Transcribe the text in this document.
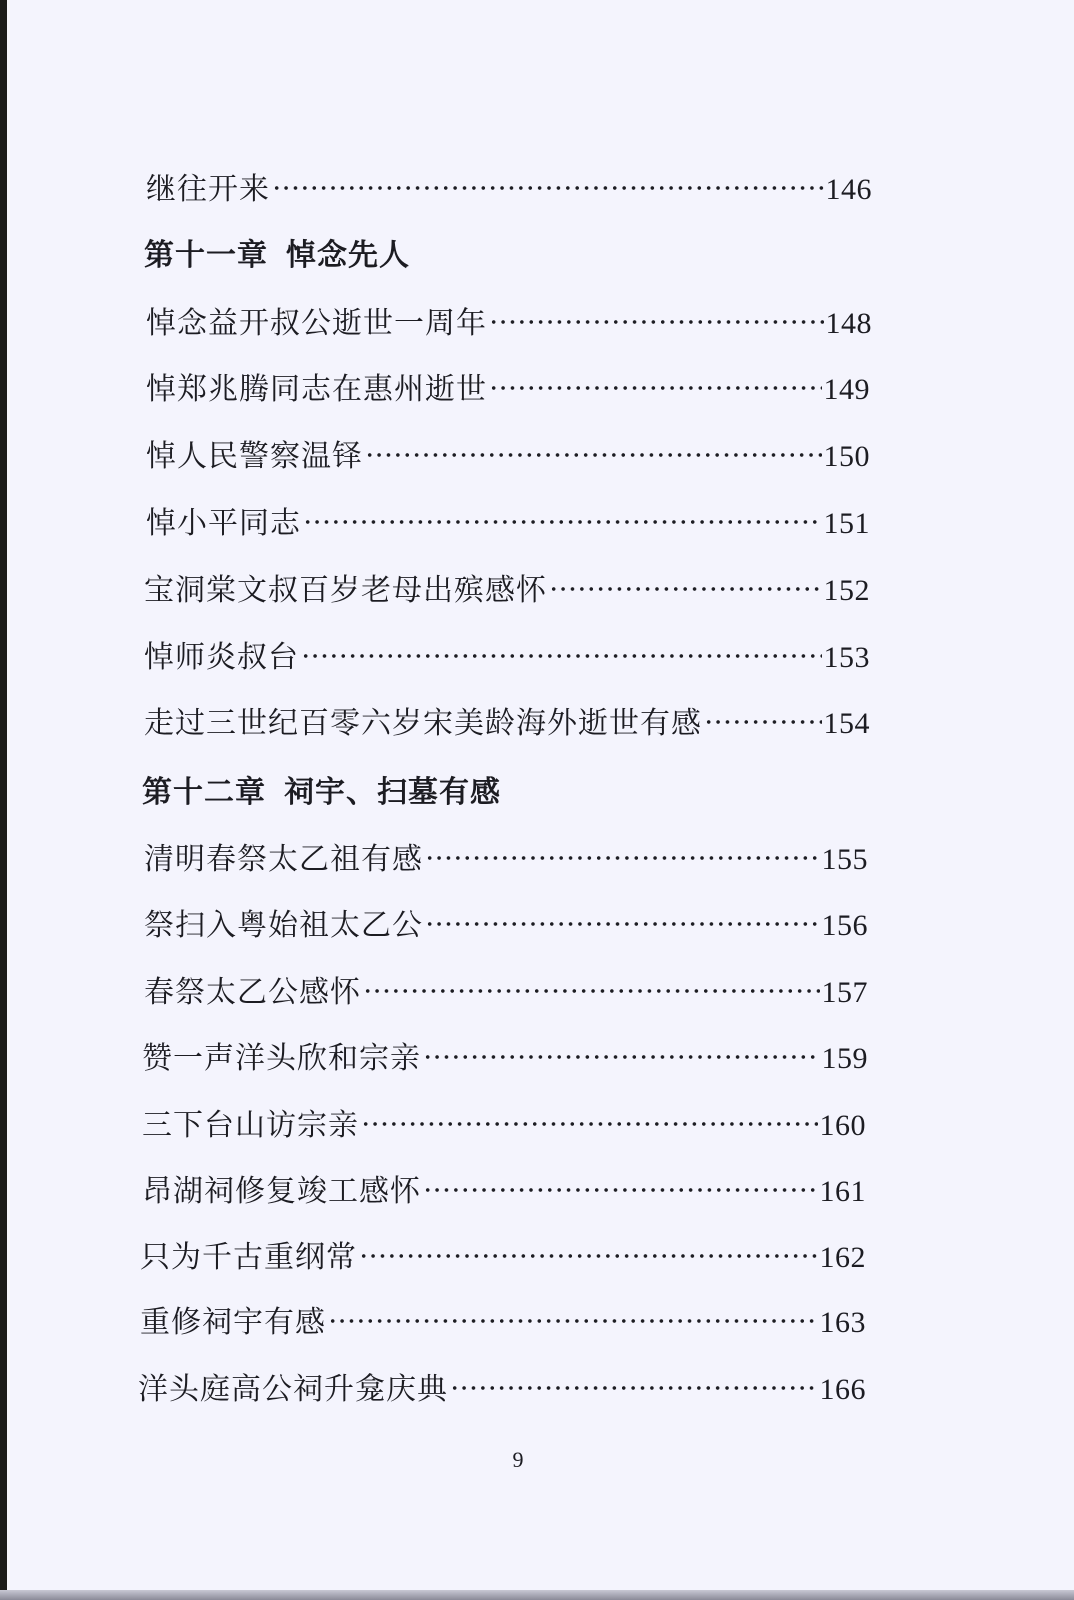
继往开来	146
第十一章 悼念先人
悼念益开叔公逝世一周年	148
悼郑兆腾同志在惠州逝世	149
悼人民警察温铎	150
悼小平同志	151
宝洞棠文叔百岁老母出殡感怀	152
悼师炎叔台	153
走过三世纪百零六岁宋美龄海外逝世有感	154
第十二章 祠宇、扫墓有感
清明春祭太乙祖有感	155
祭扫入粤始祖太乙公	156
春祭太乙公感怀	157
赞一声洋头欣和宗亲	159
三下台山访宗亲	160
昂湖祠修复竣工感怀	161
只为千古重纲常	162
重修祠宇有感	163
洋头庭高公祠升龛庆典	166
9
